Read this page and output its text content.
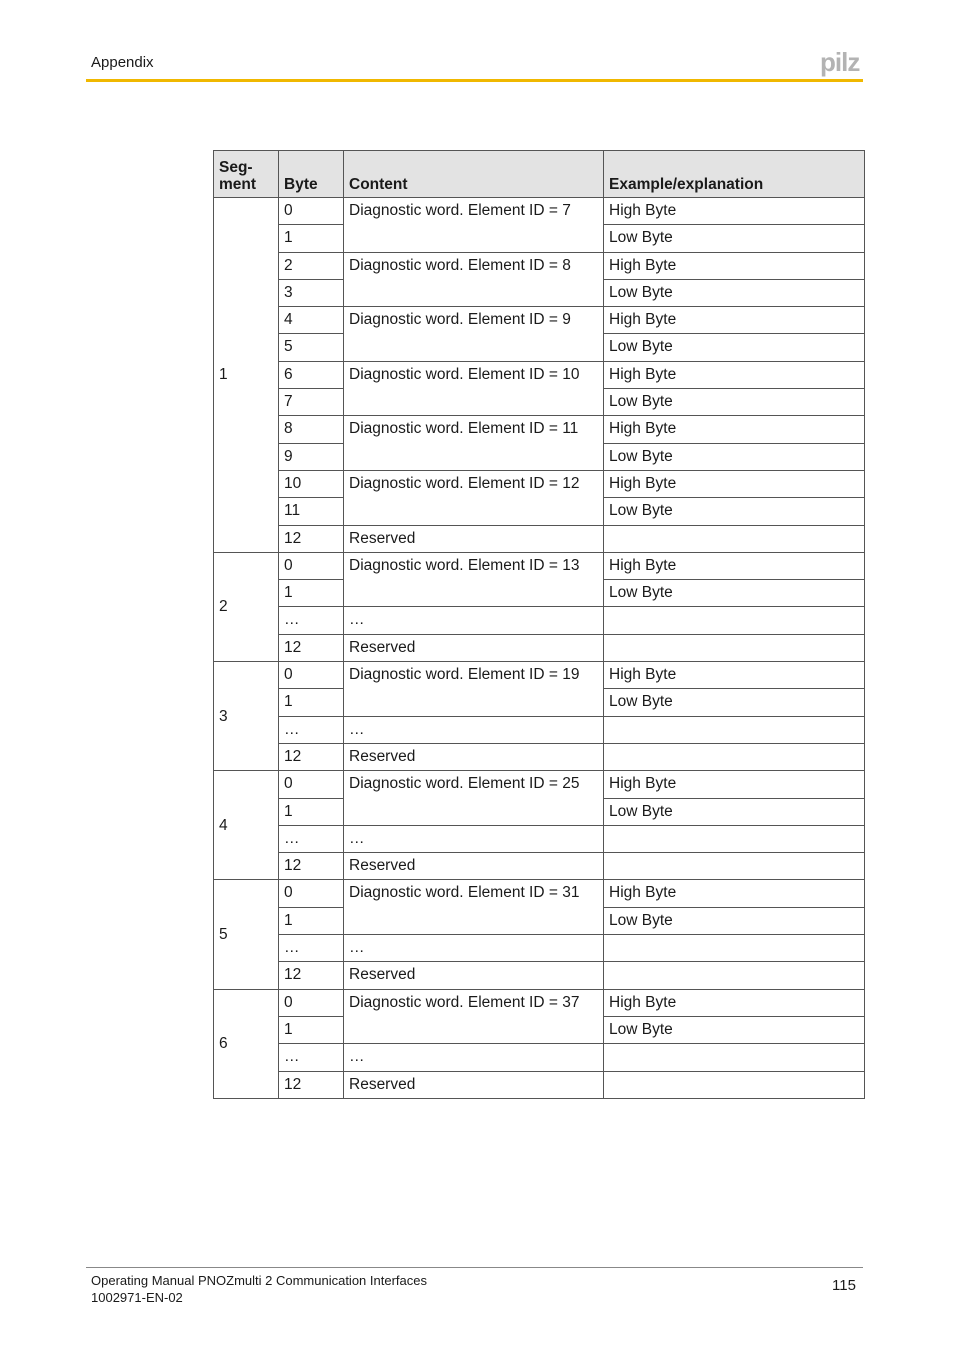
Appendix	pilz
Seg-
ment	Byte	Content	Example/explanation
1	0	Diagnostic word. Element ID = 7	High Byte
	1		Low Byte
	2	Diagnostic word. Element ID = 8	High Byte
	3		Low Byte
	4	Diagnostic word. Element ID = 9	High Byte
	5		Low Byte
	6	Diagnostic word. Element ID = 10	High Byte
	7		Low Byte
	8	Diagnostic word. Element ID = 11	High Byte
	9		Low Byte
	10	Diagnostic word. Element ID = 12	High Byte
	11		Low Byte
	12	Reserved	
2	0	Diagnostic word. Element ID = 13	High Byte
	1		Low Byte
	…	…	
	12	Reserved	
3	0	Diagnostic word. Element ID = 19	High Byte
	1		Low Byte
	…	…	
	12	Reserved	
4	0	Diagnostic word. Element ID = 25	High Byte
	1		Low Byte
	…	…	
	12	Reserved	
5	0	Diagnostic word. Element ID = 31	High Byte
	1		Low Byte
	…	…	
	12	Reserved	
6	0	Diagnostic word. Element ID = 37	High Byte
	1		Low Byte
	…	…	
	12	Reserved	
Operating Manual PNOZmulti 2 Communication Interfaces
1002971-EN-02
115
